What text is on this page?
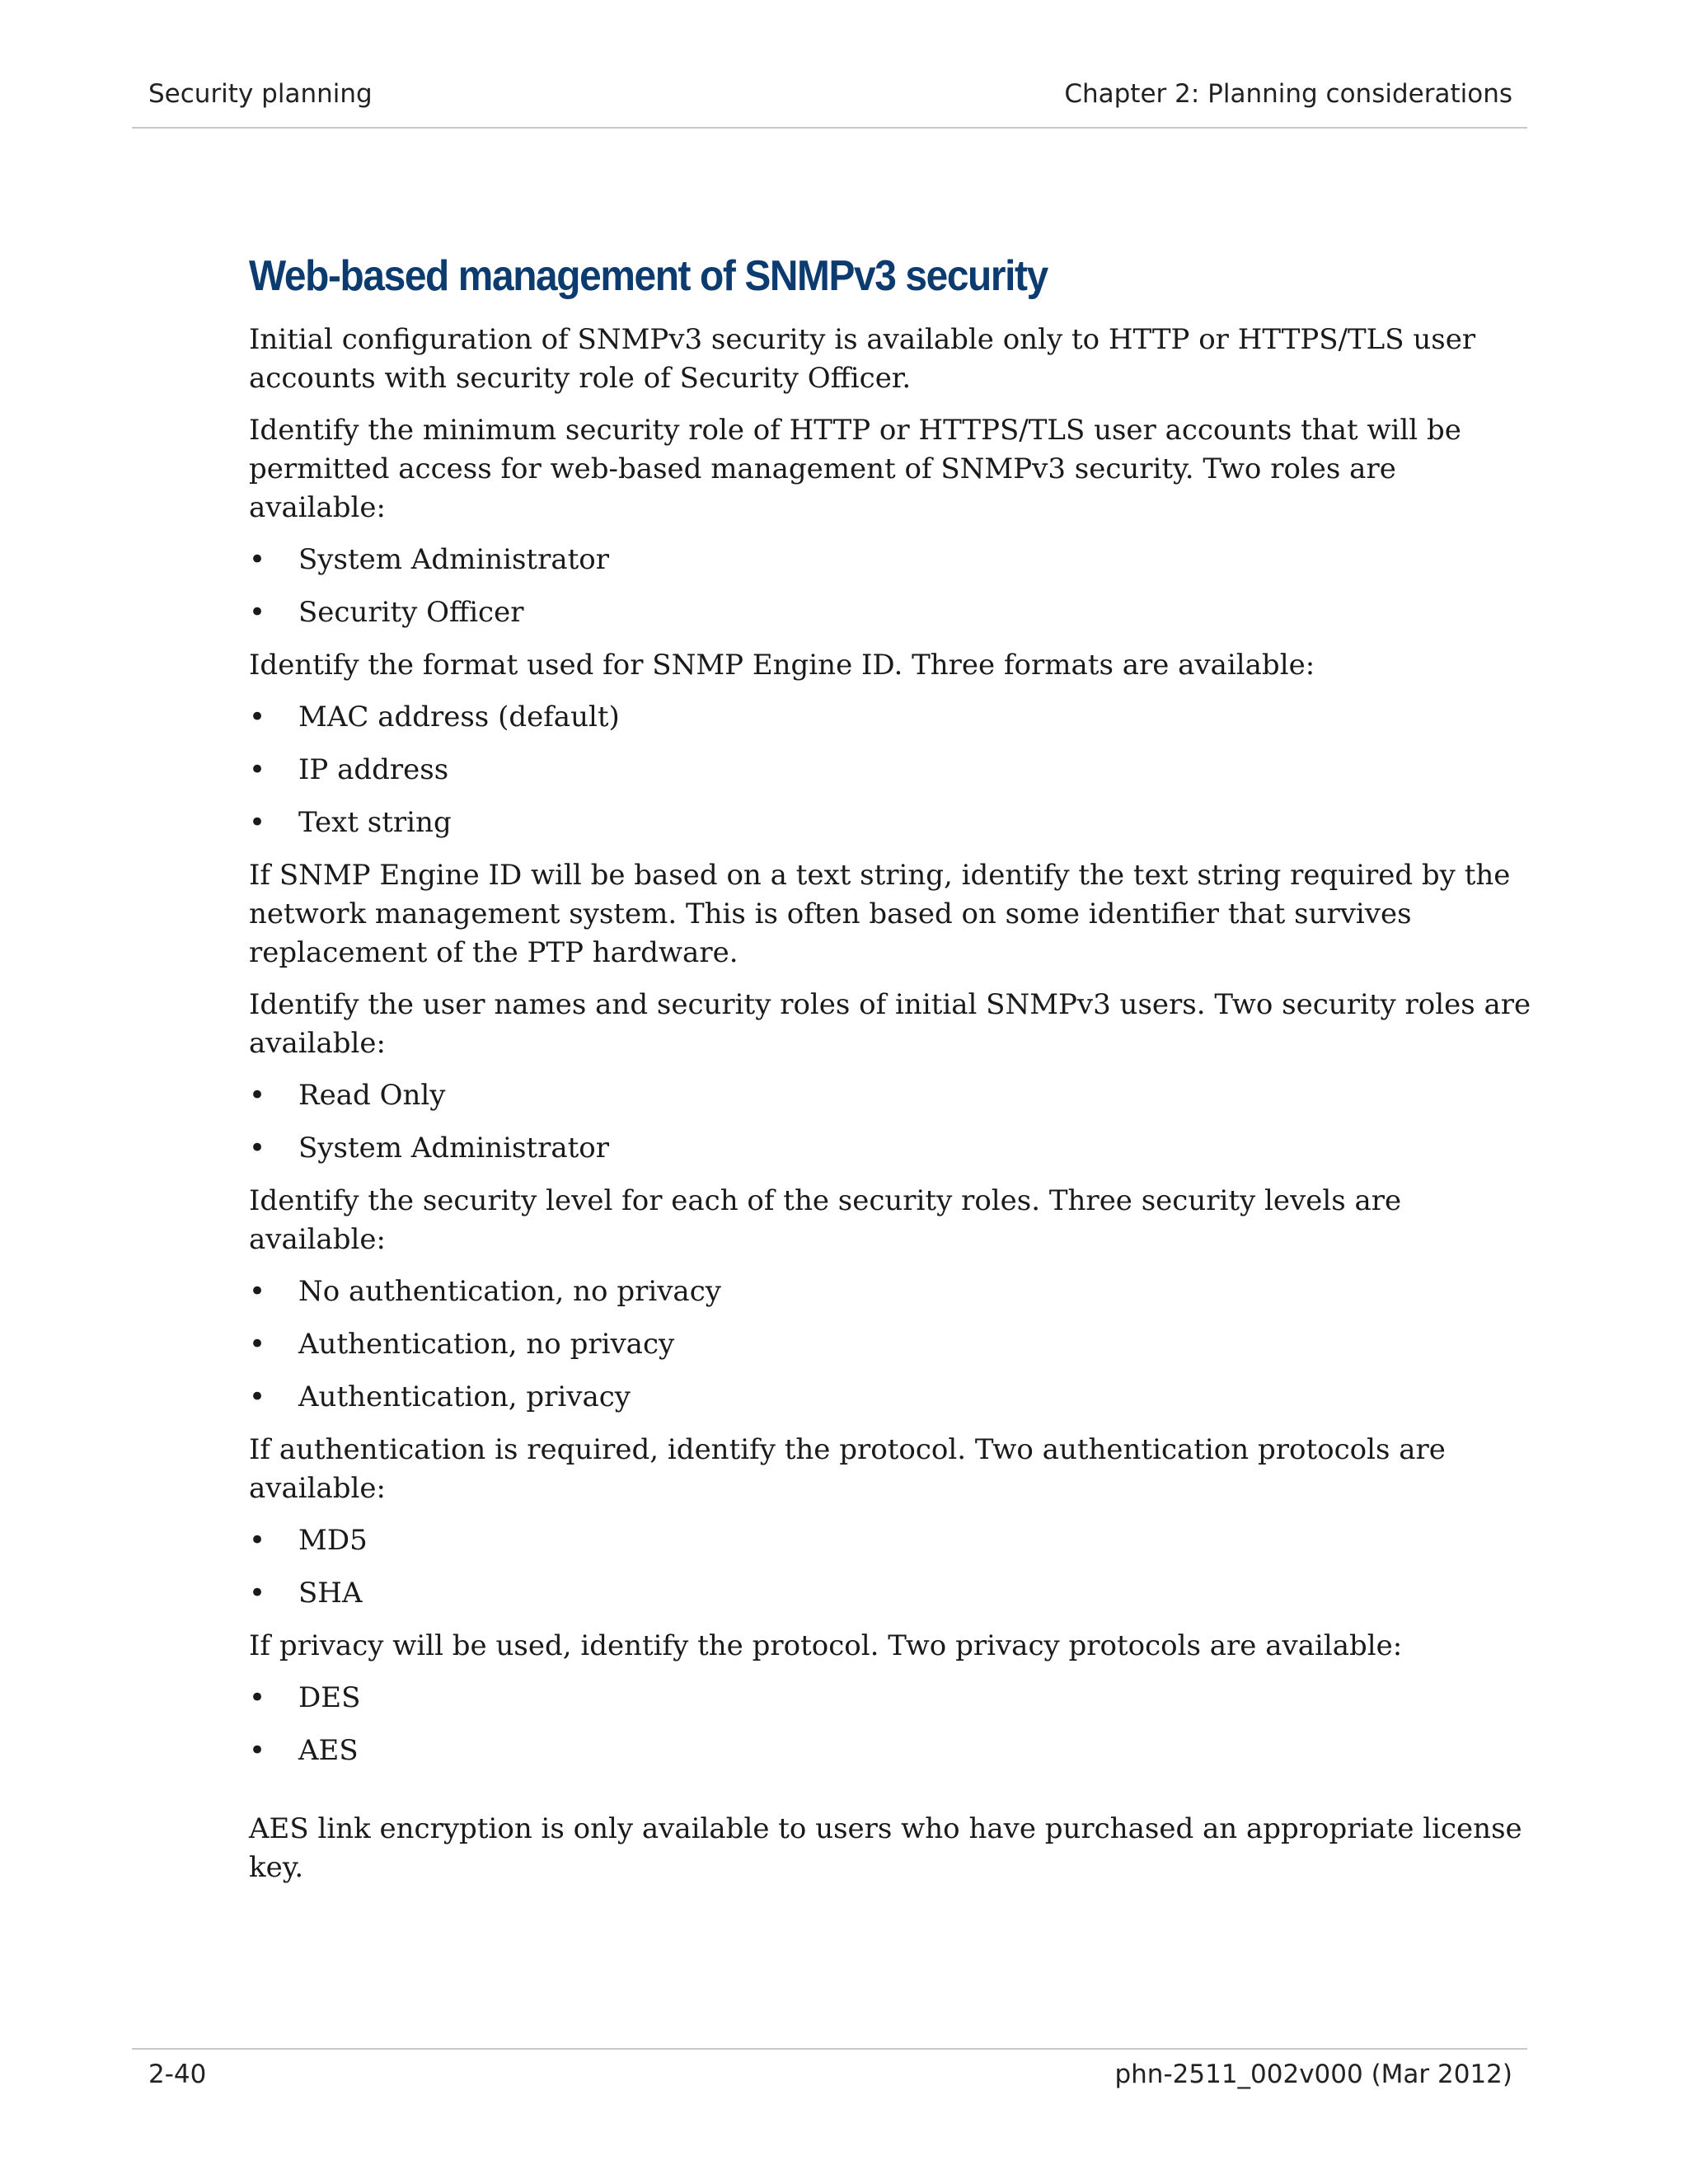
Security planning	Chapter 2: Planning considerations
Web-based management of SNMPv3 security

Initial configuration of SNMPv3 security is available only to HTTP or HTTPS/TLS user accounts with security role of Security Officer.

Identify the minimum security role of HTTP or HTTPS/TLS user accounts that will be permitted access for web-based management of SNMPv3 security. Two roles are available:

• System Administrator
• Security Officer

Identify the format used for SNMP Engine ID. Three formats are available:

• MAC address (default)
• IP address
• Text string

If SNMP Engine ID will be based on a text string, identify the text string required by the network management system. This is often based on some identifier that survives replacement of the PTP hardware.

Identify the user names and security roles of initial SNMPv3 users. Two security roles are available:

• Read Only
• System Administrator

Identify the security level for each of the security roles. Three security levels are available:

• No authentication, no privacy
• Authentication, no privacy
• Authentication, privacy

If authentication is required, identify the protocol. Two authentication protocols are available:

• MD5
• SHA

If privacy will be used, identify the protocol. Two privacy protocols are available:

• DES
• AES

AES link encryption is only available to users who have purchased an appropriate license key.

2-40	phn-2511_002v000 (Mar 2012)
